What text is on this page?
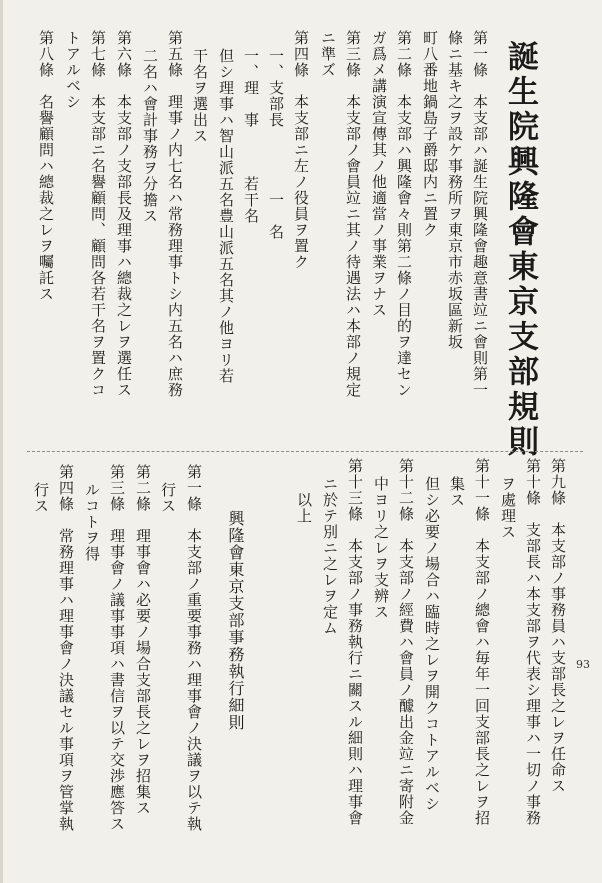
誕生院興隆會東京支部規則
第一條　本支部ハ誕生院興隆會趣意書竝ニ會則第一
條ニ基キ之ヲ設ケ事務所ヲ東京市赤坂區新坂
町八番地鍋島子爵邸内ニ置ク
第二條　本支部ハ興隆會々則第二條ノ目的ヲ達セン
ガ爲メ講演宣傳其ノ他適當ノ事業ヲナス
第三條　本支部ノ會員竝ニ其ノ待遇法ハ本部ノ規定
ニ準ズ
第四條　本支部ニ左ノ役員ヲ置ク
一、支部長　　　　一　名
一、理　事　　　若干名
但シ理事ハ智山派五名豊山派五名其ノ他ヨリ若
干名ヲ選出ス
第五條　理事ノ内七名ハ常務理事トシ内五名ハ庶務
二名ハ會計事務ヲ分擔ス
第六條　本支部ノ支部長及理事ハ總裁之レヲ選任ス
第七條　本支部ニ名譽顧問、顧問各若干名ヲ置クコ
トアルベシ
第八條　名譽顧問ハ總裁之レヲ囑託ス
第九條　本支部ノ事務員ハ支部長之レヲ任命ス
第十條　支部長ハ本支部ヲ代表シ理事ハ一切ノ事務
ヲ處理ス
第十一條　本支部ノ總會ハ毎年一回支部長之レヲ招
集ス
但シ必要ノ場合ハ臨時之レヲ開クコトアルベシ
第十二條　本支部ノ經費ハ會員ノ醵出金竝ニ寄附金
中ヨリ之レヲ支辨ス
第十三條　本支部ノ事務執行ニ關スル細則ハ理事會
ニ於テ別ニ之レヲ定ム
以上
興隆會東京支部事務執行細則
第一條　本支部ノ重要事務ハ理事會ノ決議ヲ以テ執
行ス
第二條　理事會ハ必要ノ場合支部長之レヲ招集ス
第三條　理事會ノ議事事項ハ書信ヲ以テ交渉應答ス
ルコトヲ得
第四條　常務理事ハ理事會ノ決議セル事項ヲ管掌執
行ス
93
